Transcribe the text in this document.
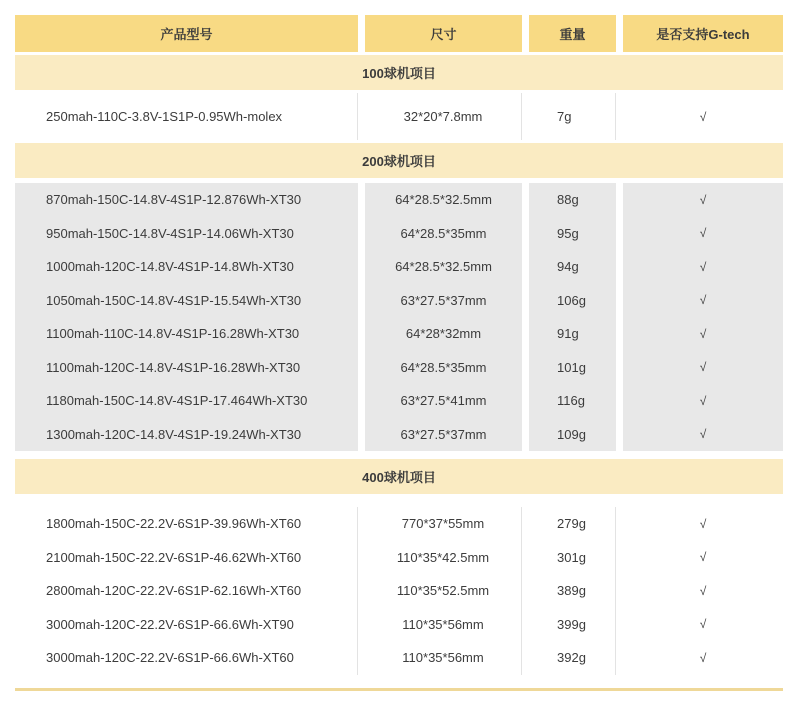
产品型号	尺寸	重量	是否支持G-tech
100球机项目
250mah-110C-3.8V-1S1P-0.95Wh-molex	32*20*7.8mm	7g	√
200球机项目
870mah-150C-14.8V-4S1P-12.876Wh-XT30	64*28.5*32.5mm	88g	√
950mah-150C-14.8V-4S1P-14.06Wh-XT30	64*28.5*35mm	95g	√
1000mah-120C-14.8V-4S1P-14.8Wh-XT30	64*28.5*32.5mm	94g	√
1050mah-150C-14.8V-4S1P-15.54Wh-XT30	63*27.5*37mm	106g	√
1100mah-110C-14.8V-4S1P-16.28Wh-XT30	64*28*32mm	91g	√
1100mah-120C-14.8V-4S1P-16.28Wh-XT30	64*28.5*35mm	101g	√
1180mah-150C-14.8V-4S1P-17.464Wh-XT30	63*27.5*41mm	116g	√
1300mah-120C-14.8V-4S1P-19.24Wh-XT30	63*27.5*37mm	109g	√
400球机项目
1800mah-150C-22.2V-6S1P-39.96Wh-XT60	770*37*55mm	279g	√
2100mah-150C-22.2V-6S1P-46.62Wh-XT60	110*35*42.5mm	301g	√
2800mah-120C-22.2V-6S1P-62.16Wh-XT60	110*35*52.5mm	389g	√
3000mah-120C-22.2V-6S1P-66.6Wh-XT90	110*35*56mm	399g	√
3000mah-120C-22.2V-6S1P-66.6Wh-XT60	110*35*56mm	392g	√
